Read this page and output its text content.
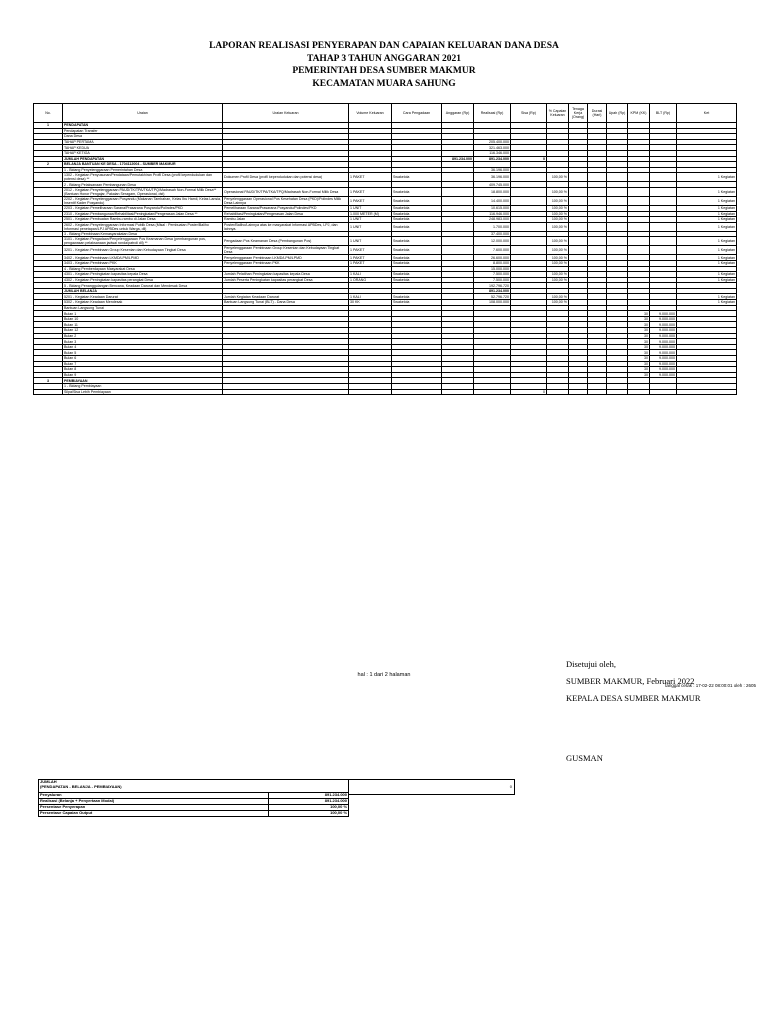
LAPORAN REALISASI PENYERAPAN DAN CAPAIAN KELUARAN DANA DESA
TAHAP 3 TAHUN ANGGARAN 2021
PEMERINTAH DESA SUMBER MAKMUR
KECAMATAN MUARA SAHUNG
No.	Uraian	Uraian Keluaran	Volume Keluaran	Cara Pengadaan	Anggaran (Rp)	Realisasi (Rp)	Sisa (Rp)	% Capaian Keluaran	Tenaga Kerja (Orang)	Durasi (Hari)	Upah (Rp)	KPM (KK)	BLT (Rp)	Ket
1	PENDAPATAN													
	Pendapatan Transfer													
	Dana Desa													
	TAHAP PERTAMA					205.400.000								
	TAHAP KEDUA					321.463.000								
	TAHAP KETIGA					116.346.000								
	JUMLAH PENDAPATAN				891.234.000	891.234.000	0							
2	BELANJA BANTUAN KE DESA - 1704112004 - SUMBER MAKMUR													
	1 - Bidang Penyelenggaraan Pemerintahan Desa					36.196.000								
	1302 - Kegiatan Penyusunan/Pendataan/Pemutakhiran Profil Desa (profil kependudukan dan potensi desa) **	Dokumen Profil Desa (profil kependudukan dan potensi desa)	1 PAKET	Swakelola		36.196.000		100,00 %						1 Kegiatan
	2 - Bidang Pelaksanaan Pembangunan Desa					409.745.000								
	2012 - Kegiatan Penyelenggaraan PAUD/TK/TPA/TKA/TPQ/Madrasah Non-Formal Milik Desa** (Bantuan Honor Pengajar, Pakaian Seragam, Operasional, dst)	Operasional PAUD/TK/TPA/TKA/TPQ/Madrasah Non-Formal Milik Desa	1 PAKET	Swakelola		18.800.000		100,00 %						1 Kegiatan
	2202 - Kegiatan Penyelenggaraan Posyandu (Makanan Tambahan, Kelas Ibu Hamil, Kelas Lansia, Insentif Kader Posyandu)	Penyelenggaraan Operasional Pos Kesehatan Desa (PKD)/Polindes Milik Desa Lainnya	1 PAKET	Swakelola		14.400.000		100,00 %						1 Kegiatan
	2203 - Kegiatan Pemeliharaan Sarana/Prasarana Posyandu/Polindes/PKD	Pemeliharaan Sarana/Prasarana Posyandu/Polindes/PKD	1 UNIT	Swakelola		10.615.000		100,00 %						1 Kegiatan
	2310 - Kegiatan Pembangunan/Rehabilitasi/Peningkatan/Pengerasan Jalan Desa **	Rehabilitasi/Peningkatan/Pengerasan Jalan Desa	1.000 METER (M)	Swakelola		116.946.000		100,00 %						1 Kegiatan
	2501 - Kegiatan Pembuatan Rambu-rambu di Jalan Desa	Rambu Jalan	1 UNIT	Swakelola		248.983.000		100,00 %						1 Kegiatan
	2602 - Kegiatan Penyelenggaraan Informasi Publik Desa (Misal : Pembuatan Poster/Baliho Informasi penetapan/LPJ APBDes untuk Warga, dll)	Poster/Baliho/Lainnya atas ke masyarakat Informasi APBDes, LPJ, dan lainnya.	1 UNIT	Swakelola		1.700.000		100,00 %						1 Kegiatan
	3 - Bidang Pembinaan Kemasyarakatan Desa					37.400.000								
	3101 - Kegiatan Pengadaan/Penyelenggaraan Pos Keamanan Desa (pembangunan pos, pengawasan pelaksanaan jadwal ronda/patroli dll) **	Pengadaan Pos Keamanan Desa (Pembangunan Pos)	1 UNIT	Swakelola		12.000.000		100,00 %						1 Kegiatan
	3201 - Kegiatan Pembinaan Group Kesenian dan Kebudayaan Tingkat Desa	Penyelenggaraan Pembinaan Group Kesenian dan Kebudayaan Tingkat Desa	1 PAKET	Swakelola		7.600.000		100,00 %						1 Kegiatan
	3402 - Kegiatan Pembinaan LKMD/LPM/LPMD	Penyelenggaraan Pembinaan LKMD/LPM/LPMD	1 PAKET	Swakelola		26.600.000		100,00 %						1 Kegiatan
	3403 - Kegiatan Pembinaan PKK	Penyelenggaraan Pembinaan PKK	1 PAKET	Swakelola		8.800.000		100,00 %						1 Kegiatan
	4 - Bidang Pemberdayaan Masyarakat Desa					15.000.000								
	4301 - Kegiatan Peningkatan kapasitas kepala Desa	Jumlah Pelatihan Peningkatan kapasitas kepala Desa	1 KALI	Swakelola		7.500.000		100,00 %						1 Kegiatan
	4302 - Kegiatan Peningkatan kapasitas perangkat Desa	Jumlah Peserta Peningkatan kapasitas perangkat Desa	1 ORANG	Swakelola		7.500.000		100,00 %						1 Kegiatan
	5 - Bidang Penanggulangan Bencana, Keadaan Darurat dan Mendesak Desa					192.796.720								
	JUMLAH BELANJA					891.234.000								
	5201 - Kegiatan Keadaan Darurat	Jumlah Kegiatan Keadaan Darurat	1 KALI	Swakelola		52.796.720		100,00 %						1 Kegiatan
	5302 - Kegiatan Keadaan Mendesak	Bantuan Langsung Tunai (BLT) - Dana Desa	30 KK	Swakelola		108.000.000		100,00 %						1 Kegiatan
	Bantuan Langsung Tunai													
	Bulan 1											30	9.000.000	
	Bulan 10											30	9.000.000	
	Bulan 11											30	9.000.000	
	Bulan 12											30	9.000.000	
	Bulan 2											30	9.000.000	
	Bulan 3											30	9.000.000	
	Bulan 4											30	9.000.000	
	Bulan 5											30	9.000.000	
	Bulan 6											30	9.000.000	
	Bulan 7											30	9.000.000	
	Bulan 8											30	9.000.000	
	Bulan 9											30	9.000.000	
3	PEMBIAYAAN													
	1 - Bidang Pembiayaan													
	Silpa/Sisa Lebih Pembiayaan						0							
hal : 1 dari 2 halaman
tanggal cetak : 17-02-22 08:00:01 oleh : 2605
JUMLAH
(PENDAPATAN - BELANJA - PEMBIAYAAN)	

Penyaluran	891.234.000
Realisasi (Belanja + Penyertaan Modal)	891.234.000
Persentase Penyerapan	100,00 %
Persentase Capaian Output	100,00 %
0
Disetujui oleh,
SUMBER MAKMUR, Februari 2022
KEPALA DESA SUMBER MAKMUR
GUSMAN
